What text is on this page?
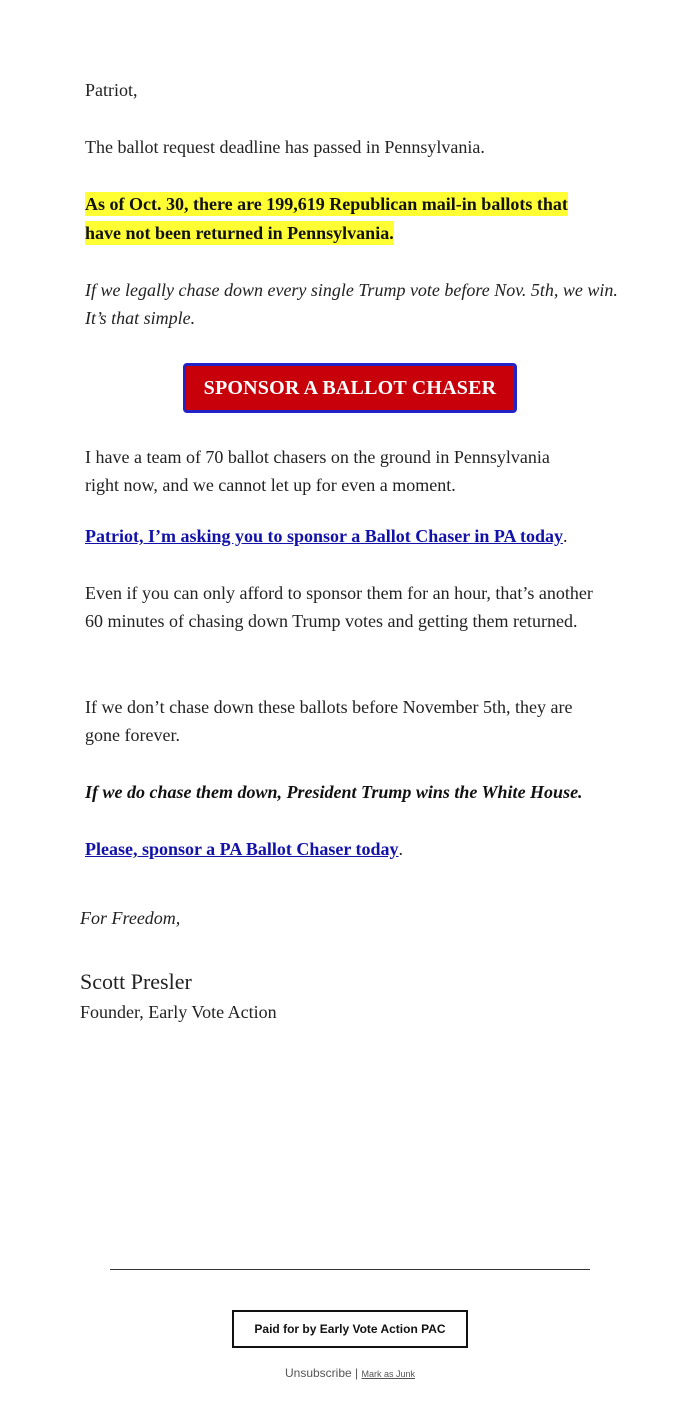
Patriot,

The ballot request deadline has passed in Pennsylvania.

As of Oct. 30, there are 199,619 Republican mail-in ballots that have not been returned in Pennsylvania.

If we legally chase down every single Trump vote before Nov. 5th, we win. It’s that simple.

SPONSOR A BALLOT CHASER

I have a team of 70 ballot chasers on the ground in Pennsylvania right now, and we cannot let up for even a moment.

Patriot, I’m asking you to sponsor a Ballot Chaser in PA today.

Even if you can only afford to sponsor them for an hour, that’s another 60 minutes of chasing down Trump votes and getting them returned.

If we don’t chase down these ballots before November 5th, they are gone forever.

If we do chase them down, President Trump wins the White House.

Please, sponsor a PA Ballot Chaser today.

For Freedom,

Scott Presler

Founder, Early Vote Action

Paid for by Early Vote Action PAC
Unsubscribe | Mark as Junk
